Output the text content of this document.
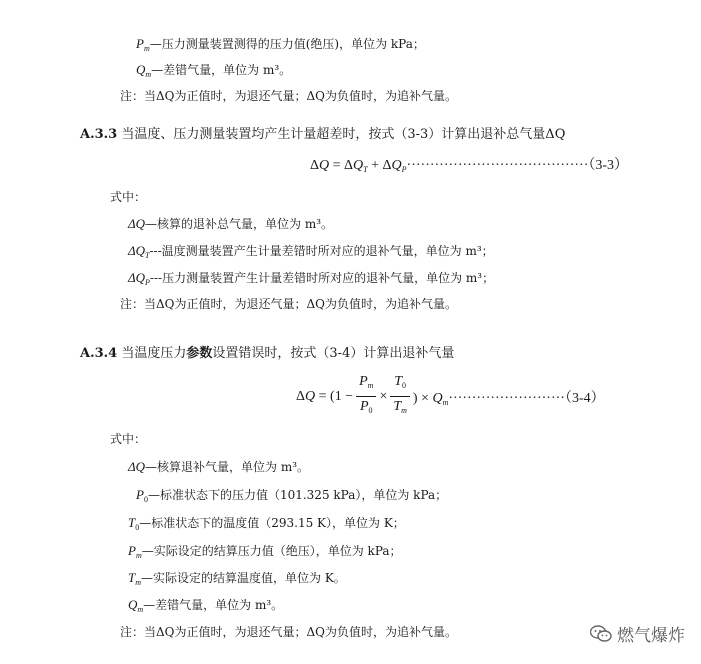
$P_m—$压力测量装置测得的压力值(绝压)，单位为 kPa；
$Q_m—$差错气量，单位为 m³。
注：当ΔQ为正值时，为退还气量；ΔQ为负值时，为追补气量。
A.3.3 当温度、压力测量装置均产生计量超差时，按式（3-3）计算出退补总气量ΔQ
$\Delta Q = \Delta Q_T + \Delta Q_P\cdot\cdot\cdot\cdot\cdot\cdot\cdot\cdot\cdot\cdot\cdot\cdot\cdot\cdot\cdot\cdot\cdot\cdot\cdot\cdot\cdot\cdot\cdot\cdot\cdot\cdot\cdot\cdot\cdot\cdot\cdot\cdot\cdot\cdot\cdot\cdot\cdot\cdot\cdot(3-3)$
式中：
ΔQ—核算的退补总气量，单位为 m³。
$\Delta Q_T---$温度测量装置产生计量差错时所对应的退补气量，单位为 m³；
$\Delta Q_P---$压力测量装置产生计量差错时所对应的退补气量，单位为 m³；
注：当ΔQ为正值时，为退还气量；ΔQ为负值时，为追补气量。
A.3.4 当温度压力参数设置错误时，按式（3-4）计算出退补气量
$\Delta Q = (1 - \frac{P_m}{P_0} \times \frac{T_0}{T_m}$ ) × $Q_m\cdot\cdot\cdot\cdot\cdot\cdot\cdot\cdot\cdot\cdot\cdot\cdot\cdot\cdot\cdot\cdot\cdot\cdot\cdot\cdot\cdot\cdot\cdot\cdot\cdot(3-4)$
式中：
ΔQ—核算退补气量，单位为 m³。
$P_0—$标准状态下的压力值（101.325 kPa），单位为 kPa；
$T_0—$标准状态下的温度值（293.15 K），单位为 K；
$P_m—$实际设定的结算压力值（绝压），单位为 kPa；
$T_m—$实际设定的结算温度值，单位为 K。
$Q_m—$差错气量，单位为 m³。
注：当ΔQ为正值时，为退还气量；ΔQ为负值时，为追补气量。	燃气爆炸
